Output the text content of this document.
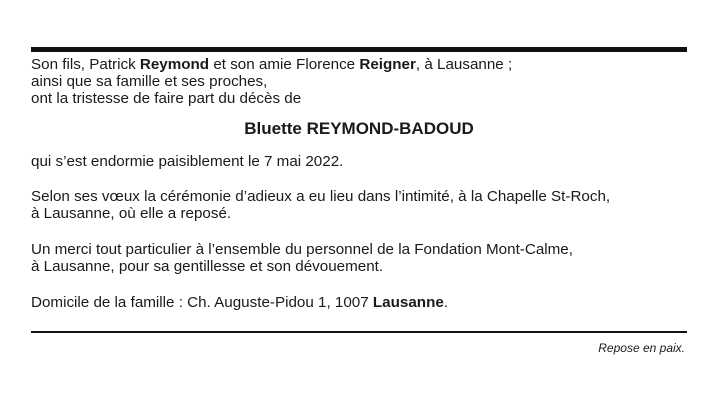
Son fils, Patrick Reymond et son amie Florence Reigner, à Lausanne ;
ainsi que sa famille et ses proches,
ont la tristesse de faire part du décès de
Bluette REYMOND-BADOUD
qui s’est endormie paisiblement le 7 mai 2022.
Selon ses vœux la cérémonie d’adieux a eu lieu dans l’intimité, à la Chapelle St-Roch,
à Lausanne, où elle a reposé.
Un merci tout particulier à l’ensemble du personnel de la Fondation Mont-Calme,
à Lausanne, pour sa gentillesse et son dévouement.
Domicile de la famille : Ch. Auguste-Pidou 1, 1007 Lausanne.
Repose en paix.
